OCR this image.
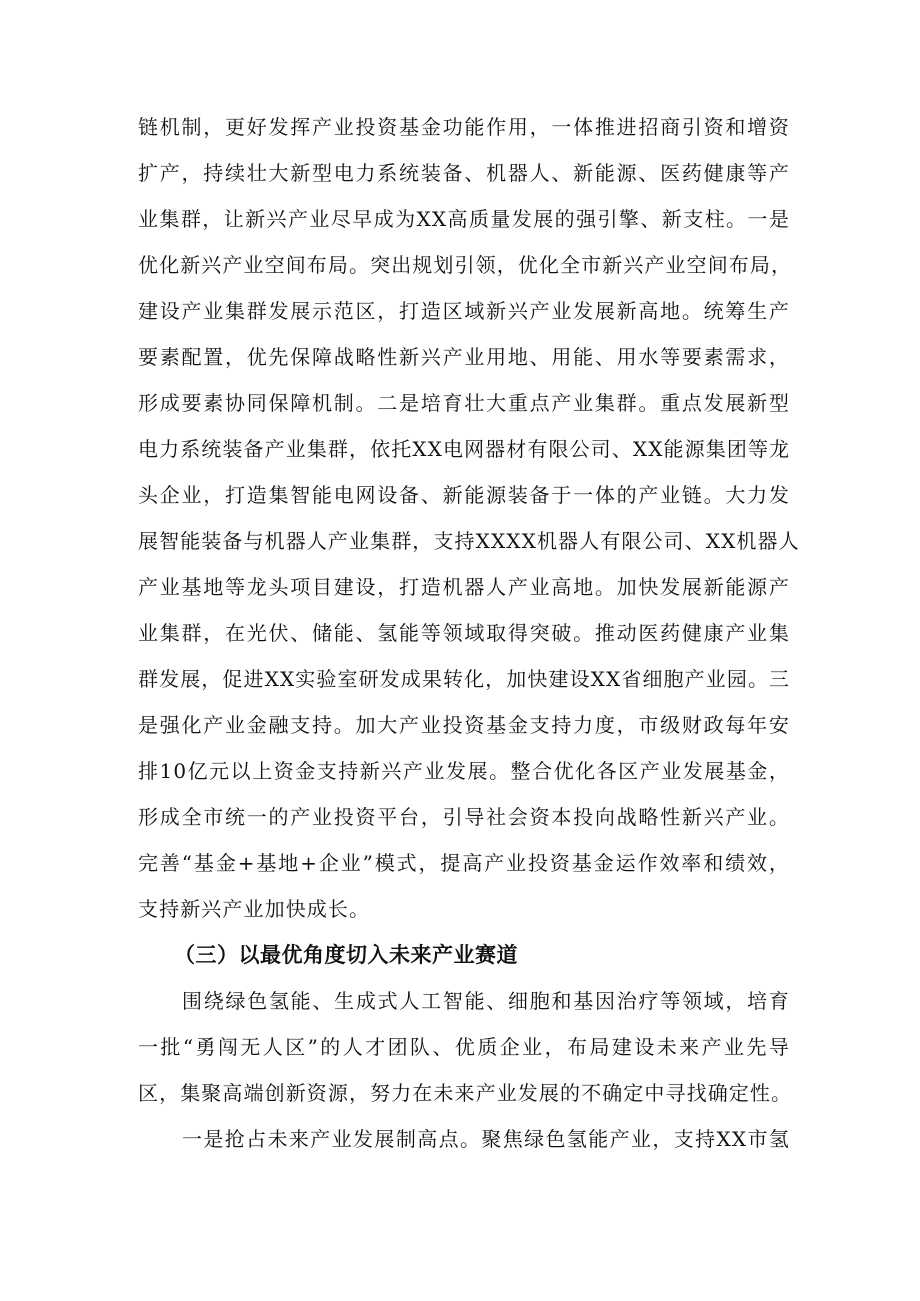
链机制，更好发挥产业投资基金功能作用，一体推进招商引资和增资
扩产，持续壮大新型电力系统装备、机器人、新能源、医药健康等产
业集群，让新兴产业尽早成为XX高质量发展的强引擎、新支柱。一是
优化新兴产业空间布局。突出规划引领，优化全市新兴产业空间布局，
建设产业集群发展示范区，打造区域新兴产业发展新高地。统筹生产
要素配置，优先保障战略性新兴产业用地、用能、用水等要素需求，
形成要素协同保障机制。二是培育壮大重点产业集群。重点发展新型
电力系统装备产业集群，依托XX电网器材有限公司、XX能源集团等龙
头企业，打造集智能电网设备、新能源装备于一体的产业链。大力发
展智能装备与机器人产业集群，支持XXXX机器人有限公司、XX机器人
产业基地等龙头项目建设，打造机器人产业高地。加快发展新能源产
业集群，在光伏、储能、氢能等领域取得突破。推动医药健康产业集
群发展，促进XX实验室研发成果转化，加快建设XX省细胞产业园。三
是强化产业金融支持。加大产业投资基金支持力度，市级财政每年安
排10亿元以上资金支持新兴产业发展。整合优化各区产业发展基金，
形成全市统一的产业投资平台，引导社会资本投向战略性新兴产业。
完善“基金+基地+企业”模式，提高产业投资基金运作效率和绩效，
支持新兴产业加快成长。
（三）以最优角度切入未来产业赛道
围绕绿色氢能、生成式人工智能、细胞和基因治疗等领域，培育
一批“勇闯无人区”的人才团队、优质企业，布局建设未来产业先导
区，集聚高端创新资源，努力在未来产业发展的不确定中寻找确定性。
一是抢占未来产业发展制高点。聚焦绿色氢能产业，支持XX市氢
